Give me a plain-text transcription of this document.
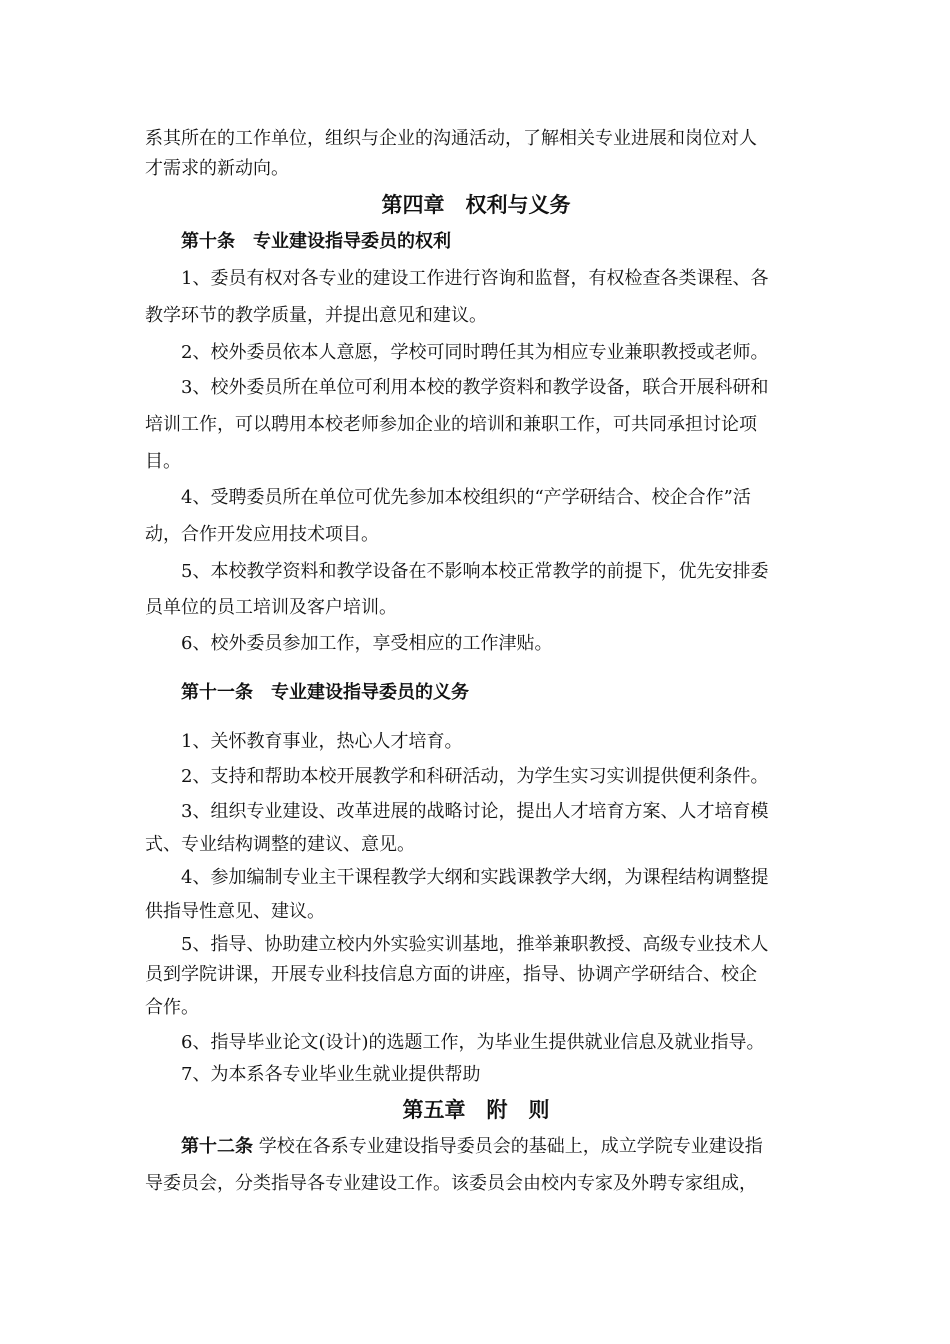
系其所在的工作单位，组织与企业的沟通活动，了解相关专业进展和岗位对人
才需求的新动向。
第四章　权利与义务
第十条　专业建设指导委员的权利
1、委员有权对各专业的建设工作进行咨询和监督，有权检查各类课程、各
教学环节的教学质量，并提出意见和建议。
2、校外委员依本人意愿，学校可同时聘任其为相应专业兼职教授或老师。
3、校外委员所在单位可利用本校的教学资料和教学设备，联合开展科研和
培训工作，可以聘用本校老师参加企业的培训和兼职工作，可共同承担讨论项
目。
4、受聘委员所在单位可优先参加本校组织的“产学研结合、校企合作”活
动，合作开发应用技术项目。
5、本校教学资料和教学设备在不影响本校正常教学的前提下，优先安排委
员单位的员工培训及客户培训。
6、校外委员参加工作，享受相应的工作津贴。
第十一条　专业建设指导委员的义务
1、关怀教育事业，热心人才培育。
2、支持和帮助本校开展教学和科研活动，为学生实习实训提供便利条件。
3、组织专业建设、改革进展的战略讨论，提出人才培育方案、人才培育模
式、专业结构调整的建议、意见。
4、参加编制专业主干课程教学大纲和实践课教学大纲，为课程结构调整提
供指导性意见、建议。
5、指导、协助建立校内外实验实训基地，推举兼职教授、高级专业技术人
员到学院讲课，开展专业科技信息方面的讲座，指导、协调产学研结合、校企
合作。
6、指导毕业论文(设计)的选题工作，为毕业生提供就业信息及就业指导。
7、为本系各专业毕业生就业提供帮助
第五章　附　则
第十二条 学校在各系专业建设指导委员会的基础上，成立学院专业建设指
导委员会，分类指导各专业建设工作。该委员会由校内专家及外聘专家组成，
